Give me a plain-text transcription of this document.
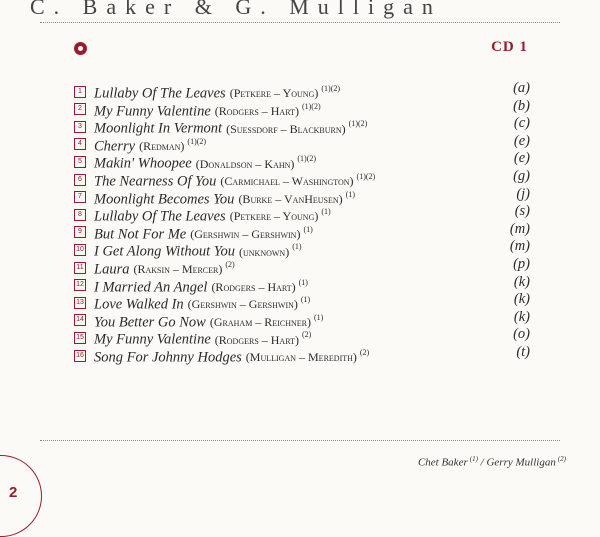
C. Baker & G. Mulligan
CD 1
1 Lullaby Of The Leaves (Petkere – Young) $^{(1)(2)}$	(a)
2 My Funny Valentine (Rodgers – Hart) $^{(1)(2)}$	(b)
3 Moonlight In Vermont (Suessdorf – Blackburn) $^{(1)(2)}$	(c)
4 Cherry (Redman) $^{(1)(2)}$	(e)
5 Makin' Whoopee (Donaldson – Kahn) $^{(1)(2)}$	(e)
6 The Nearness Of You (Carmichael – Washington) $^{(1)(2)}$	(g)
7 Moonlight Becomes You (Burke – VanHeusen) $^{(1)}$	(j)
8 Lullaby Of The Leaves (Petkere – Young) $^{(1)}$	(s)
9 But Not For Me (Gershwin – Gershwin) $^{(1)}$	(m)
10 I Get Along Without You (unknown) $^{(1)}$	(m)
11 Laura (Raksin – Mercer) $^{(2)}$	(p)
12 I Married An Angel (Rodgers – Hart) $^{(1)}$	(k)
13 Love Walked In (Gershwin – Gershwin) $^{(1)}$	(k)
14 You Better Go Now (Graham – Reichner) $^{(1)}$	(k)
15 My Funny Valentine (Rodgers – Hart) $^{(2)}$	(o)
16 Song For Johnny Hodges (Mulligan – Meredith) $^{(2)}$	(t)
Chet Baker $^{(1)}$ / Gerry Mulligan $^{(2)}$
2
